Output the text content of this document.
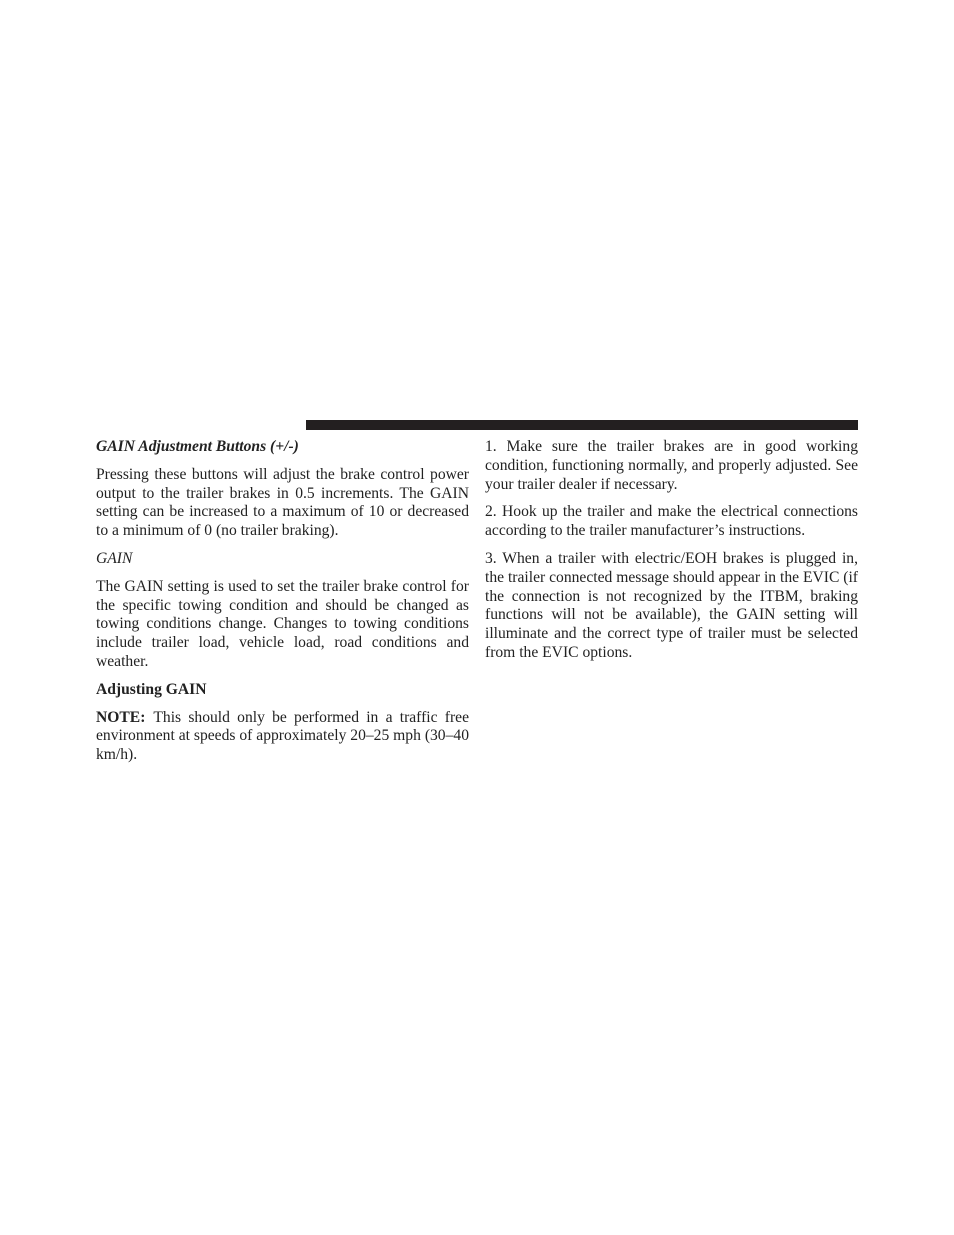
GAIN Adjustment Buttons (+/-)

Pressing these buttons will adjust the brake control power output to the trailer brakes in 0.5 increments. The GAIN setting can be increased to a maximum of 10 or decreased to a minimum of 0 (no trailer braking).

GAIN

The GAIN setting is used to set the trailer brake control for the specific towing condition and should be changed as towing conditions change. Changes to towing conditions include trailer load, vehicle load, road conditions and weather.

Adjusting GAIN

NOTE: This should only be performed in a traffic free environment at speeds of approximately 20–25 mph (30–40 km/h).

1. Make sure the trailer brakes are in good working condition, functioning normally, and properly adjusted. See your trailer dealer if necessary.

2. Hook up the trailer and make the electrical connections according to the trailer manufacturer’s instructions.

3. When a trailer with electric/EOH brakes is plugged in, the trailer connected message should appear in the EVIC (if the connection is not recognized by the ITBM, braking functions will not be available), the GAIN setting will illuminate and the correct type of trailer must be selected from the EVIC options.
